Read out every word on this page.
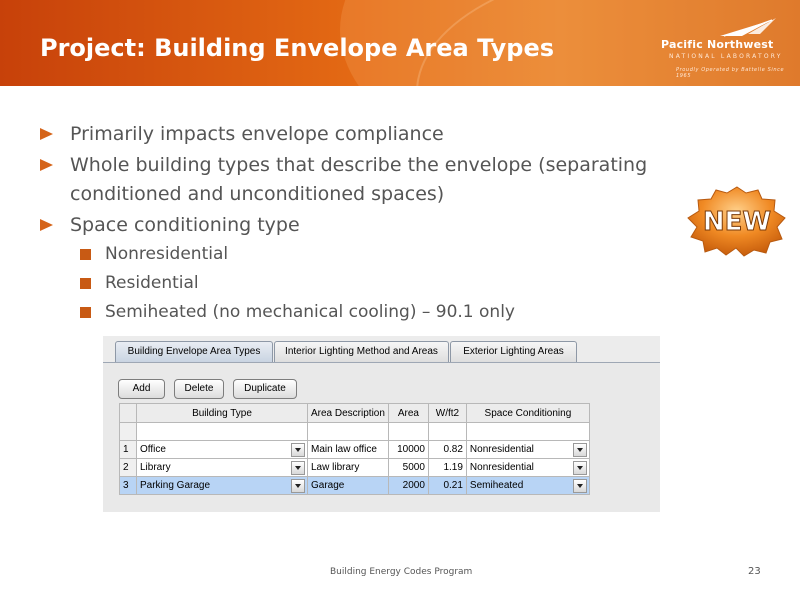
Project: Building Envelope Area Types	Pacific Northwest
NATIONAL LABORATORY
Proudly Operated by Battelle Since 1965
Primarily impacts envelope compliance
Whole building types that describe the envelope (separating conditioned and unconditioned spaces)
Space conditioning type
Nonresidential
Residential
Semiheated (no mechanical cooling) – 90.1 only
NEW
Building Envelope Area Types	Interior Lighting Method and Areas	Exterior Lighting Areas
Add	Delete	Duplicate
	Building Type	Area Description	Area	W/ft2	Space Conditioning

1	Office	Main law office	10000	0.82	Nonresidential

2	Library	Law library	5000	1.19	Nonresidential

3	Parking Garage	Garage	2000	0.21	Semiheated
Building Energy Codes Program	23
